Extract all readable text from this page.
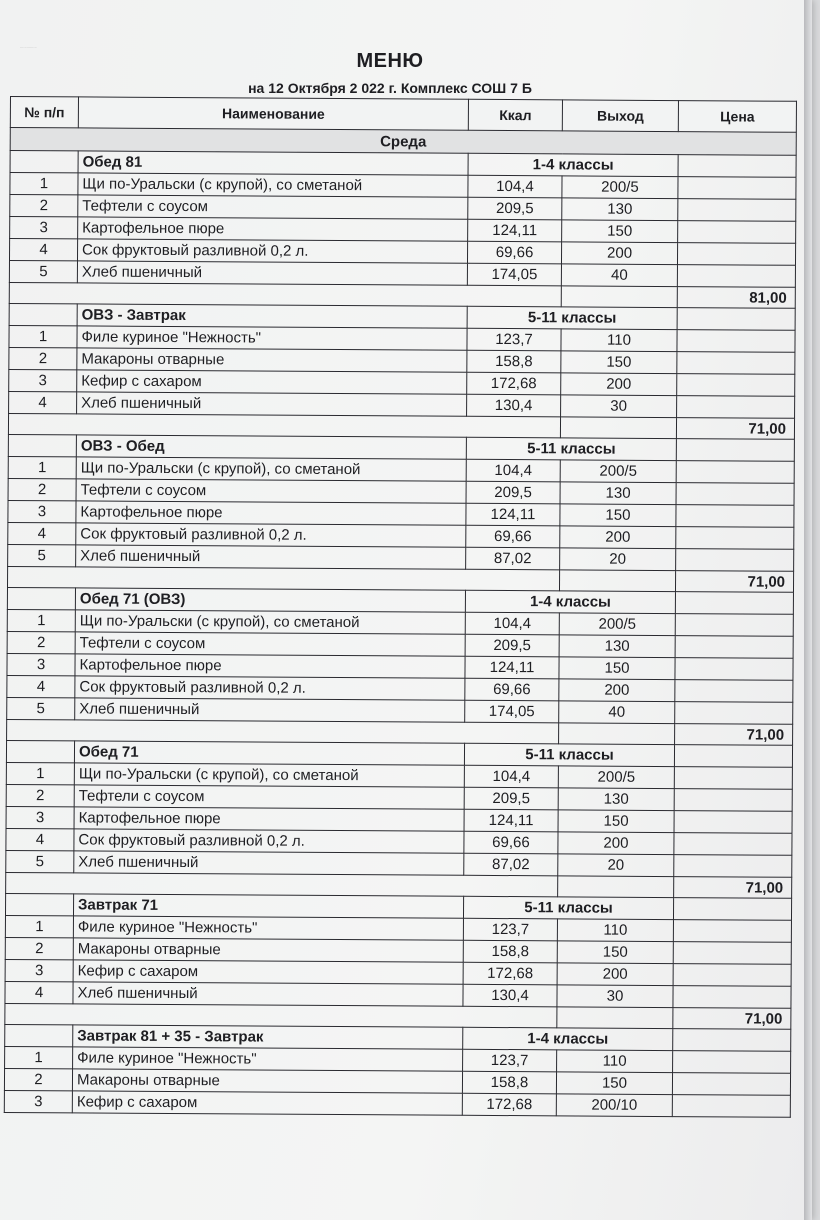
...............
МЕНЮ
на 12 Октября 2 022 г. Комплекс СОШ 7 Б
№ п/п	Наименование	Ккал	Выход	Цена
Среда				
	Обед 81	1-4 классы		
1	Щи по-Уральски (с крупой), со сметаной	104,4	200/5	
2	Тефтели с соусом	209,5	130	
3	Картофельное пюре	124,11	150	
4	Сок фруктовый разливной 0,2 л.	69,66	200	
5	Хлеб пшеничный	174,05	40	
				81,00
	ОВЗ - Завтрак	5-11 классы		
1	Филе куриное "Нежность"	123,7	110	
2	Макароны отварные	158,8	150	
3	Кефир с сахаром	172,68	200	
4	Хлеб пшеничный	130,4	30	
				71,00
	ОВЗ - Обед	5-11 классы		
1	Щи по-Уральски (с крупой), со сметаной	104,4	200/5	
2	Тефтели с соусом	209,5	130	
3	Картофельное пюре	124,11	150	
4	Сок фруктовый разливной 0,2 л.	69,66	200	
5	Хлеб пшеничный	87,02	20	
				71,00
	Обед 71 (ОВЗ)	1-4 классы		
1	Щи по-Уральски (с крупой), со сметаной	104,4	200/5	
2	Тефтели с соусом	209,5	130	
3	Картофельное пюре	124,11	150	
4	Сок фруктовый разливной 0,2 л.	69,66	200	
5	Хлеб пшеничный	174,05	40	
				71,00
	Обед 71	5-11 классы		
1	Щи по-Уральски (с крупой), со сметаной	104,4	200/5	
2	Тефтели с соусом	209,5	130	
3	Картофельное пюре	124,11	150	
4	Сок фруктовый разливной 0,2 л.	69,66	200	
5	Хлеб пшеничный	87,02	20	
				71,00
	Завтрак 71	5-11 классы		
1	Филе куриное "Нежность"	123,7	110	
2	Макароны отварные	158,8	150	
3	Кефир с сахаром	172,68	200	
4	Хлеб пшеничный	130,4	30	
				71,00
	Завтрак 81 + 35 - Завтрак	1-4 классы		
1	Филе куриное "Нежность"	123,7	110	
2	Макароны отварные	158,8	150	
3	Кефир с сахаром	172,68	200/10	
